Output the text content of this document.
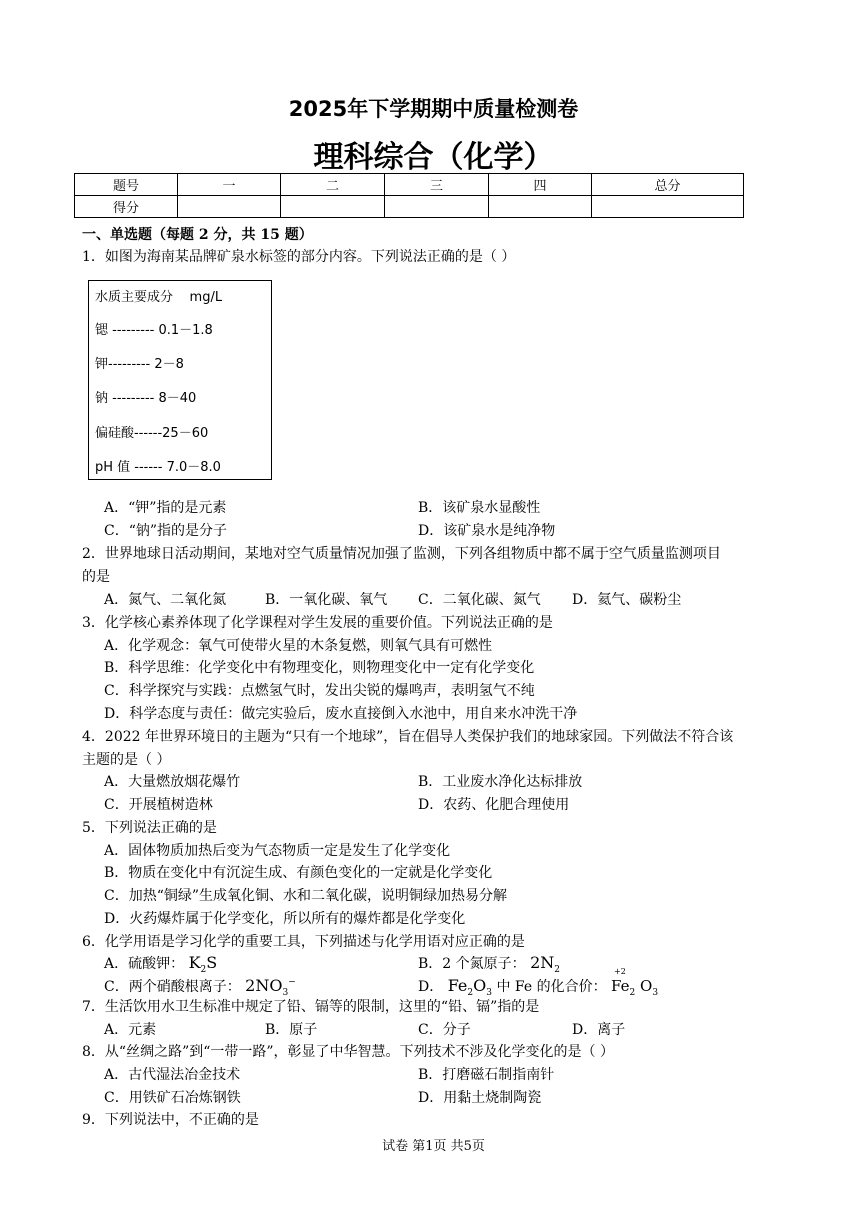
2025年下学期期中质量检测卷
理科综合（化学）
题号	一	二	三	四	总分
得分					
一、单选题（每题 2 分，共 15 题）
1．如图为海南某品牌矿泉水标签的部分内容。下列说法正确的是（ ）
水质主要成分 mg/L
锶 --------- 0.1－1.8
钾--------- 2－8
钠 --------- 8－40
偏硅酸------25－60
pH 值 ------ 7.0－8.0
A．“钾”指的是元素	B．该矿泉水显酸性
C．“钠”指的是分子	D．该矿泉水是纯净物
2．世界地球日活动期间，某地对空气质量情况加强了监测，下列各组物质中都不属于空气质量监测项目
的是
A．氮气、二氧化氮	B．一氧化碳、氧气 C．二氧化碳、氮气 D．氦气、碳粉尘
3．化学核心素养体现了化学课程对学生发展的重要价值。下列说法正确的是
A．化学观念：氧气可使带火星的木条复燃，则氧气具有可燃性
B．科学思维：化学变化中有物理变化，则物理变化中一定有化学变化
C．科学探究与实践：点燃氢气时，发出尖锐的爆鸣声，表明氢气不纯
D．科学态度与责任：做完实验后，废水直接倒入水池中，用自来水冲洗干净
4．2022 年世界环境日的主题为“只有一个地球”，旨在倡导人类保护我们的地球家园。下列做法不符合该
主题的是（ ）
A．大量燃放烟花爆竹	B．工业废水净化达标排放
C．开展植树造林	D．农药、化肥合理使用
5．下列说法正确的是
A．固体物质加热后变为气态物质一定是发生了化学变化
B．物质在变化中有沉淀生成、有颜色变化的一定就是化学变化
C．加热“铜绿”生成氧化铜、水和二氧化碳，说明铜绿加热易分解
D．火药爆炸属于化学变化，所以所有的爆炸都是化学变化
6．化学用语是学习化学的重要工具，下列描述与化学用语对应正确的是
A．硫酸钾： $K_2S$	B．2 个氮原子： $2N_2$
C．两个硝酸根离子： $2NO_3^-$	D． $Fe_2O_3$ 中 Fe 的化合价：
+2
$Fe_2$ $O_3$
7．生活饮用水卫生标准中规定了铅、镉等的限制，这里的“铅、镉”指的是
A．元素	B．原子	C．分子	D．离子
8．从“丝绸之路”到“一带一路”，彰显了中华智慧。下列技术不涉及化学变化的是（ ）
A．古代湿法冶金技术	B．打磨磁石制指南针
C．用铁矿石冶炼钢铁	D．用黏土烧制陶瓷
9．下列说法中，不正确的是
试卷 第1页 共5页
